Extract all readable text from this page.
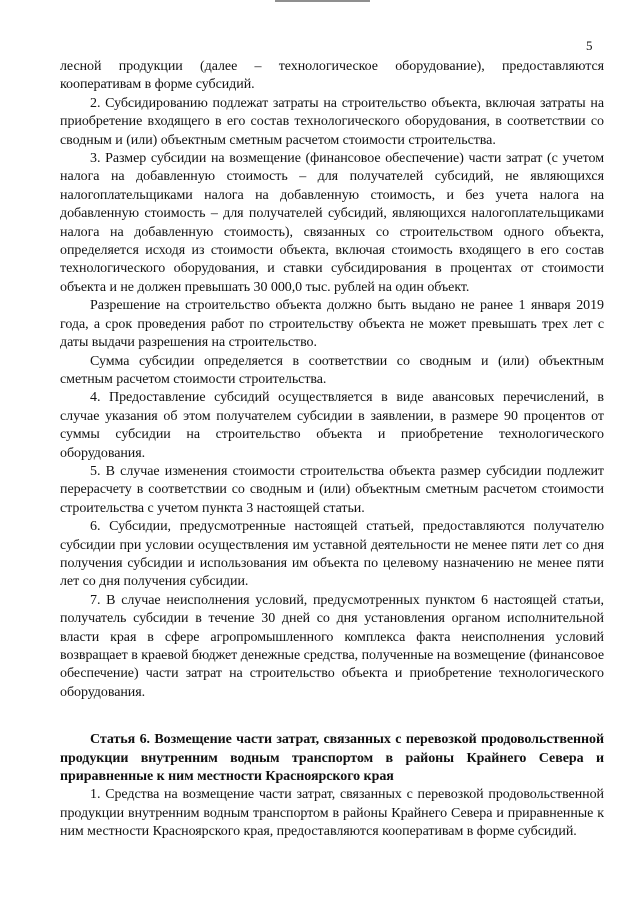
5

лесной продукции (далее – технологическое оборудование), предоставляются кооперативам в форме субсидий.

2. Субсидированию подлежат затраты на строительство объекта, включая затраты на приобретение входящего в его состав технологического оборудования, в соответствии со сводным и (или) объектным сметным расчетом стоимости строительства.

3. Размер субсидии на возмещение (финансовое обеспечение) части затрат (с учетом налога на добавленную стоимость – для получателей субсидий, не являющихся налогоплательщиками налога на добавленную стоимость, и без учета налога на добавленную стоимость – для получателей субсидий, являющихся налогоплательщиками налога на добавленную стоимость), связанных со строительством одного объекта, определяется исходя из стоимости объекта, включая стоимость входящего в его состав технологического оборудования, и ставки субсидирования в процентах от стоимости объекта и не должен превышать 30 000,0 тыс. рублей на один объект.

Разрешение на строительство объекта должно быть выдано не ранее 1 января 2019 года, а срок проведения работ по строительству объекта не может превышать трех лет с даты выдачи разрешения на строительство.

Сумма субсидии определяется в соответствии со сводным и (или) объектным сметным расчетом стоимости строительства.

4. Предоставление субсидий осуществляется в виде авансовых перечислений, в случае указания об этом получателем субсидии в заявлении, в размере 90 процентов от суммы субсидии на строительство объекта и приобретение технологического оборудования.

5. В случае изменения стоимости строительства объекта размер субсидии подлежит перерасчету в соответствии со сводным и (или) объектным сметным расчетом стоимости строительства с учетом пункта 3 настоящей статьи.

6. Субсидии, предусмотренные настоящей статьей, предоставляются получателю субсидии при условии осуществления им уставной деятельности не менее пяти лет со дня получения субсидии и использования им объекта по целевому назначению не менее пяти лет со дня получения субсидии.

7. В случае неисполнения условий, предусмотренных пунктом 6 настоящей статьи, получатель субсидии в течение 30 дней со дня установления органом исполнительной власти края в сфере агропромышленного комплекса факта неисполнения условий возвращает в краевой бюджет денежные средства, полученные на возмещение (финансовое обеспечение) части затрат на строительство объекта и приобретение технологического оборудования.

Статья 6. Возмещение части затрат, связанных с перевозкой продовольственной продукции внутренним водным транспортом в районы Крайнего Севера и приравненные к ним местности Красноярского края

1. Средства на возмещение части затрат, связанных с перевозкой продовольственной продукции внутренним водным транспортом в районы Крайнего Севера и приравненные к ним местности Красноярского края, предоставляются кооперативам в форме субсидий.
